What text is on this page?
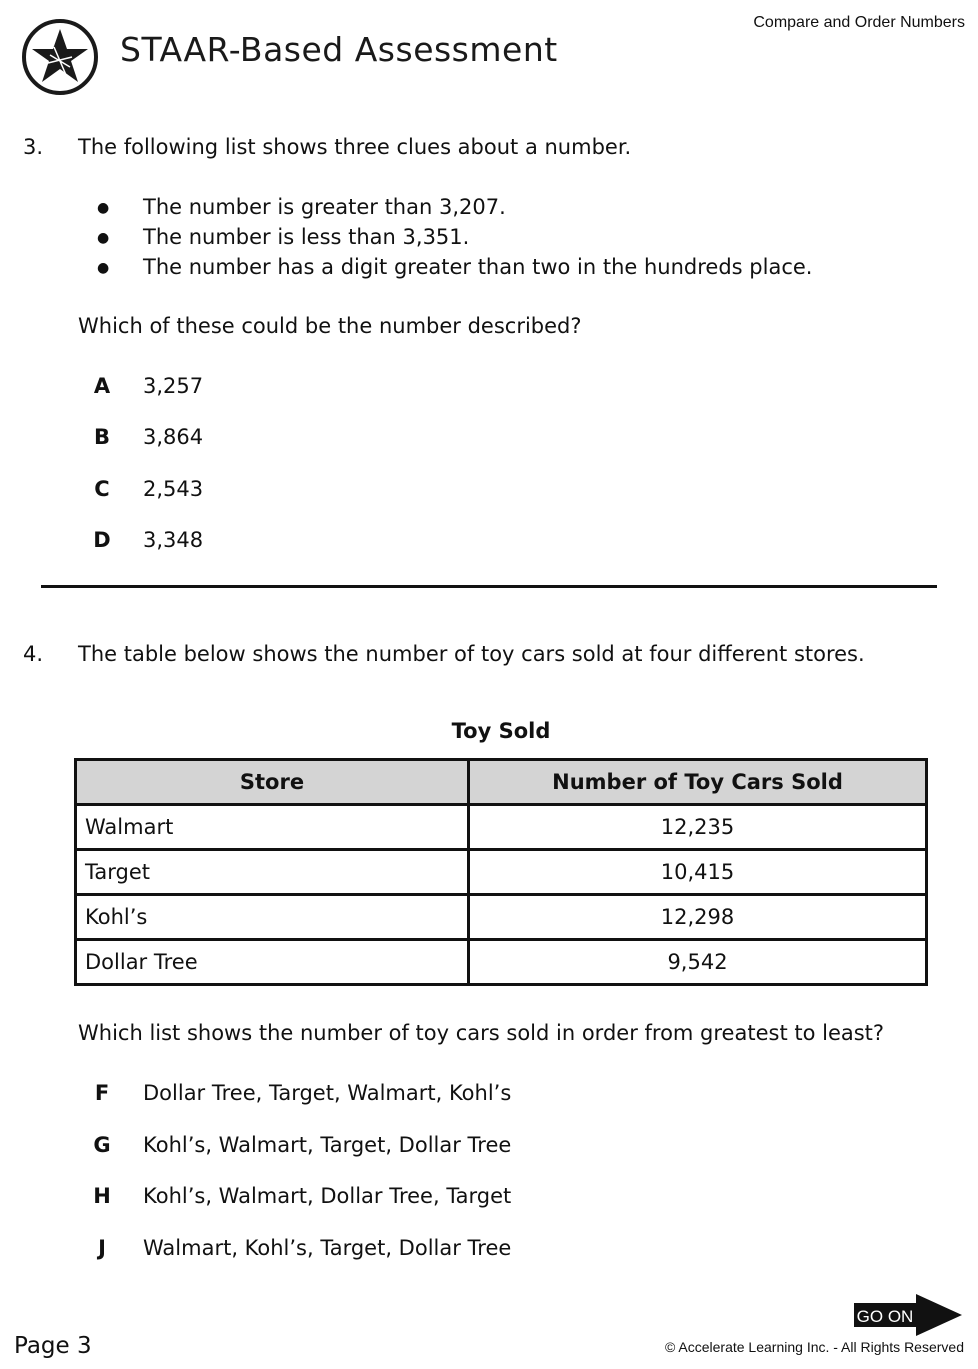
Compare and Order Numbers
STAAR-Based Assessment
3. The following list shows three clues about a number.
● The number is greater than 3,207.
● The number is less than 3,351.
● The number has a digit greater than two in the hundreds place.
Which of these could be the number described?
A	3,257
B	3,864
C	2,543
D 3,348
4. The table below shows the number of toy cars sold at four different stores.
Toy Sold
Store	Number of Toy Cars Sold
Walmart	12,235
Target	10,415
Kohl’s	12,298
Dollar Tree	9,542
Which list shows the number of toy cars sold in order from greatest to least?
F	Dollar Tree, Target, Walmart, Kohl’s
G	Kohl’s, Walmart, Target, Dollar Tree
H Kohl’s, Walmart, Dollar Tree, Target
J	Walmart, Kohl’s, Target, Dollar Tree
GO ON
Page 3	© Accelerate Learning Inc. - All Rights Reserved
